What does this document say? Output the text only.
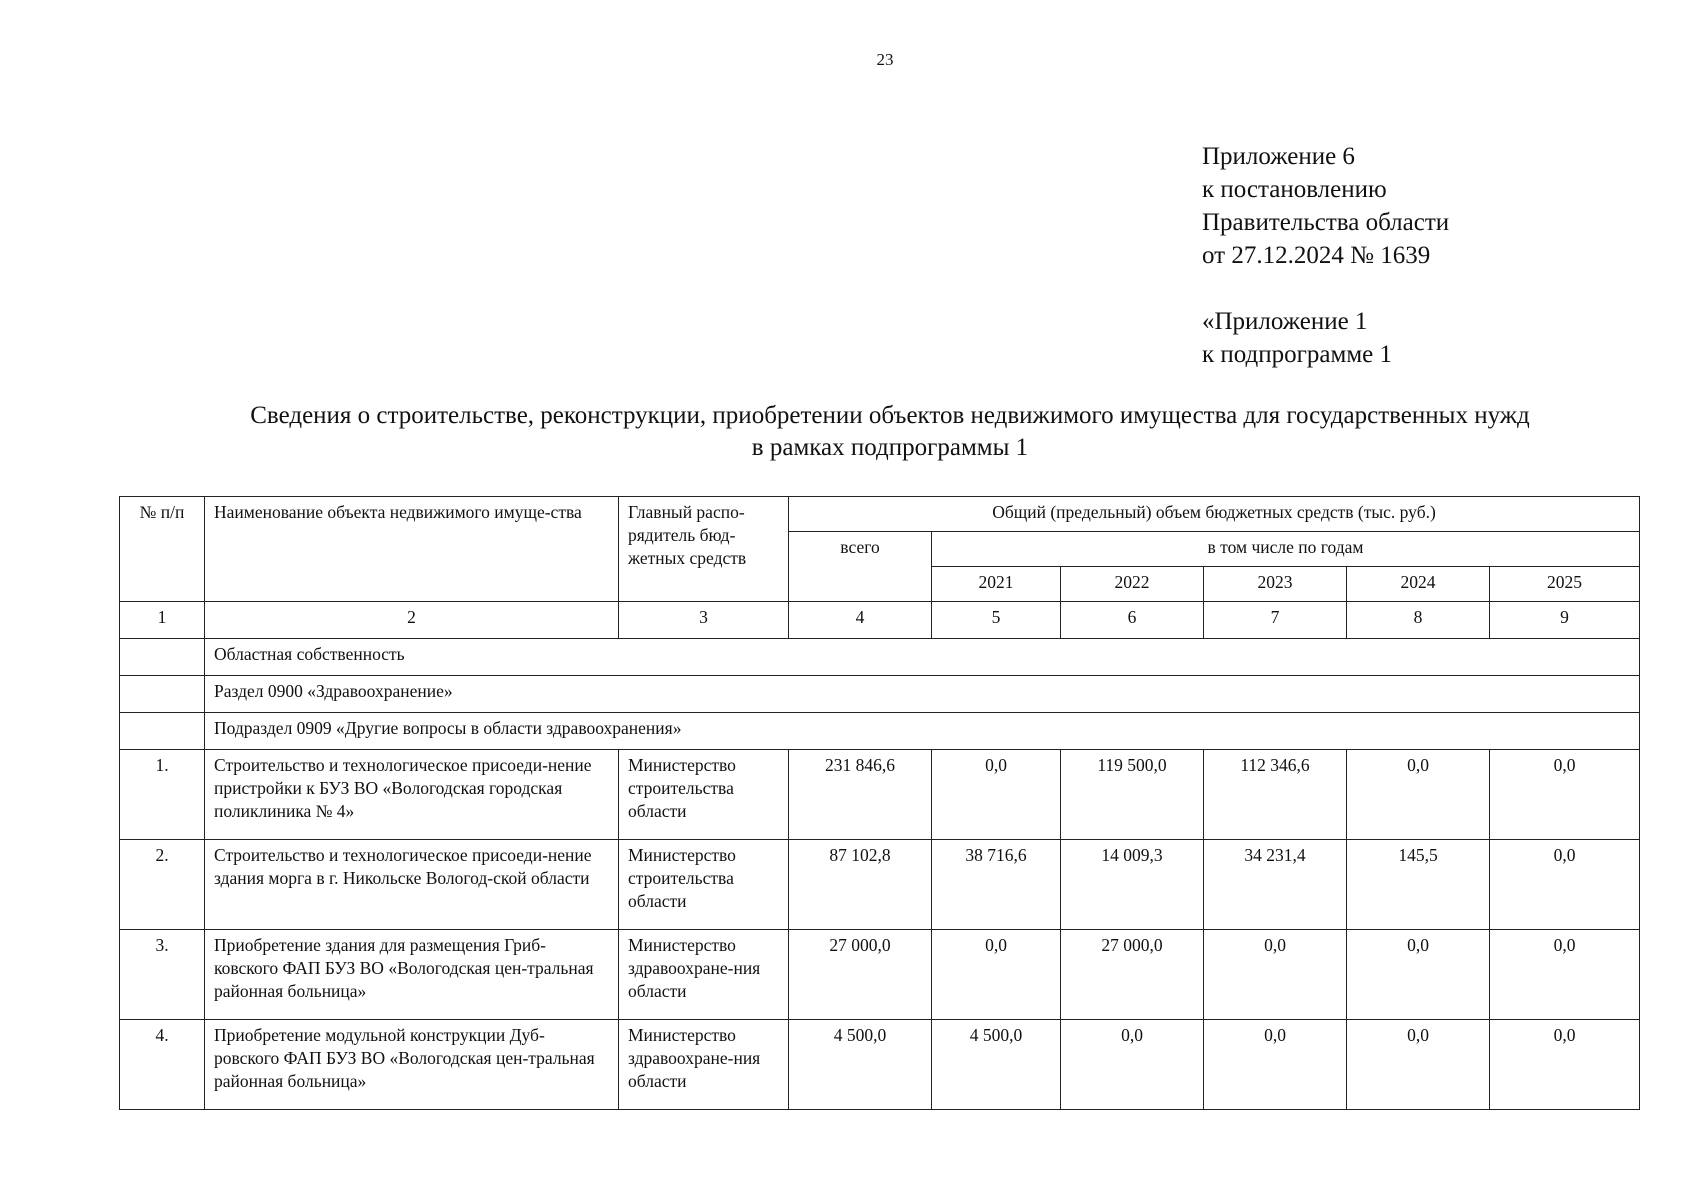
23
Приложение 6
к постановлению
Правительства области
от 27.12.2024 № 1639
«Приложение 1
к подпрограмме 1
Сведения о строительстве, реконструкции, приобретении объектов недвижимого имущества для государственных нужд
в рамках подпрограммы 1
№ п/п	Наименование объекта недвижимого имуще-ства	Главный распо-рядитель бюд-жетных средств	Общий (предельный) объем бюджетных средств (тыс. руб.)					
			всего	в том числе по годам				
				2021	2022	2023	2024	2025
1	2	3	4	5	6	7	8	9
	Областная собственность							
	Раздел 0900 «Здравоохранение»							
	Подраздел 0909 «Другие вопросы в области здравоохранения»							
1.	Строительство и технологическое присоеди-нение пристройки к БУЗ ВО «Вологодская городская поликлиника № 4»	Министерство строительства области	231 846,6	0,0	119 500,0	112 346,6	0,0	0,0
2.	Строительство и технологическое присоеди-нение здания морга в г. Никольске Вологод-ской области	Министерство строительства области	87 102,8	38 716,6	14 009,3	34 231,4	145,5	0,0
3.	Приобретение здания для размещения Гриб-ковского ФАП БУЗ ВО «Вологодская цен-тральная районная больница»	Министерство здравоохране-ния области	27 000,0	0,0	27 000,0	0,0	0,0	0,0
4.	Приобретение модульной конструкции Дуб-ровского ФАП БУЗ ВО «Вологодская цен-тральная районная больница»	Министерство здравоохране-ния области	4 500,0	4 500,0	0,0	0,0	0,0	0,0
